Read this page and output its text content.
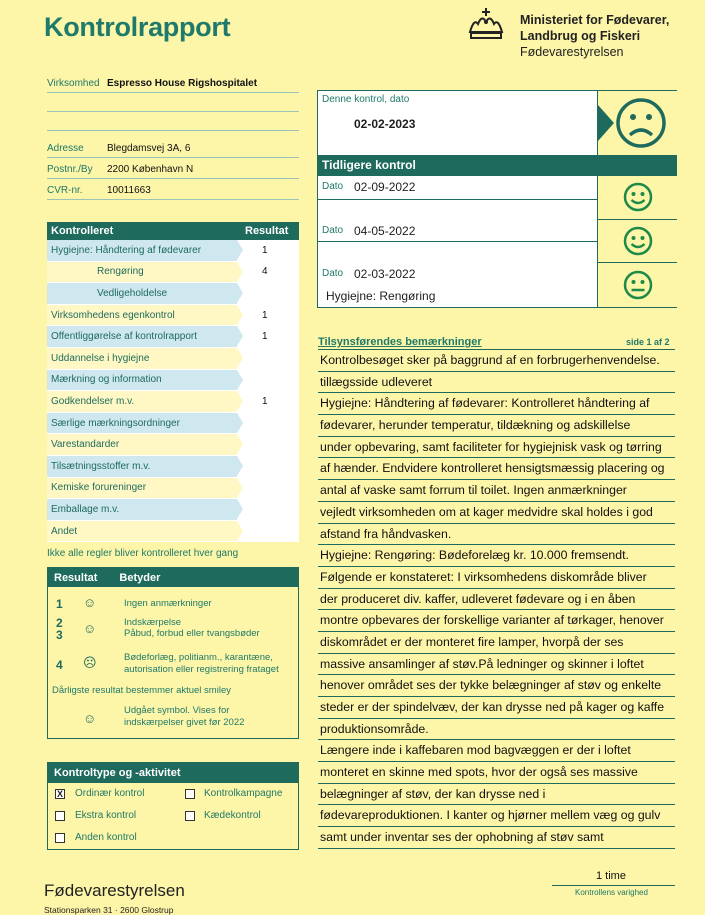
Kontrolrapport	Ministeriet for Fødevarer,
Landbrug og Fiskeri
Fødevarestyrelsen
Virksomhed Espresso House Rigshospitalet
Adresse Blegdamsvej 3A, 6
Postnr./By 2200 København N
CVR-nr. 10011663
Kontrolleret	Resultat
Hygiejne: Håndtering af fødevarer	1
Rengøring	4
Vedligeholdelse
Virksomhedens egenkontrol	1
Offentliggørelse af kontrolrapport	1
Uddannelse i hygiejne
Mærkning og information
Godkendelser m.v.	1
Særlige mærkningsordninger
Varestandarder
Tilsætningsstoffer m.v.
Kemiske forureninger
Emballage m.v.
Andet
Ikke alle regler bliver kontrolleret hver gang
Resultat Betyder
1 ☺	Ingen anmærkninger
2
3 ☺	Indskærpelse
Påbud, forbud eller tvangsbøder
4 ☹	Bødeforlæg, politianm., karantæne,
autorisation eller registrering frataget
Dårligste resultat bestemmer aktuel smiley
☺
Udgået symbol. Vises for
indskærpelser givet før 2022
Kontroltype og -aktivitet
X Ordinær kontrol	Kontrolkampagne
Ekstra kontrol	Kædekontrol
Anden kontrol
Denne kontrol, dato
02-02-2023
Tidligere kontrol
Dato 02-09-2022
Dato 04-05-2022
Dato 02-03-2022
Hygiejne: Rengøring
Tilsynsførendes bemærkninger	side 1 af 2
Kontrolbesøget sker på baggrund af en forbrugerhenvendelse.
tillægsside udleveret
Hygiejne: Håndtering af fødevarer: Kontrolleret håndtering af
fødevarer, herunder temperatur, tildækning og adskillelse
under opbevaring, samt faciliteter for hygiejnisk vask og tørring
af hænder. Endvidere kontrolleret hensigtsmæssig placering og
antal af vaske samt forrum til toilet. Ingen anmærkninger
vejledt virksomheden om at kager medvidre skal holdes i god
afstand fra håndvasken.
Hygiejne: Rengøring: Bødeforelæg kr. 10.000 fremsendt.
Følgende er konstateret: I virksomhedens diskområde bliver
der produceret div. kaffer, udleveret fødevare og i en åben
montre opbevares der forskellige varianter af tørkager, henover
diskområdet er der monteret fire lamper, hvorpå der ses
massive ansamlinger af støv.På ledninger og skinner i loftet
henover området ses der tykke belægninger af støv og enkelte
steder er der spindelvæv, der kan drysse ned på kager og kaffe
produktionsområde.
Længere inde i kaffebaren mod bagvæggen er der i loftet
monteret en skinne med spots, hvor der også ses massive
belægninger af støv, der kan drysse ned i
fødevareproduktionen. I kanter og hjørner mellem væg og gulv
samt under inventar ses der ophobning af støv samt
1 time
Kontrollens varighed
Fødevarestyrelsen
Stationsparken 31 · 2600 Glostrup
